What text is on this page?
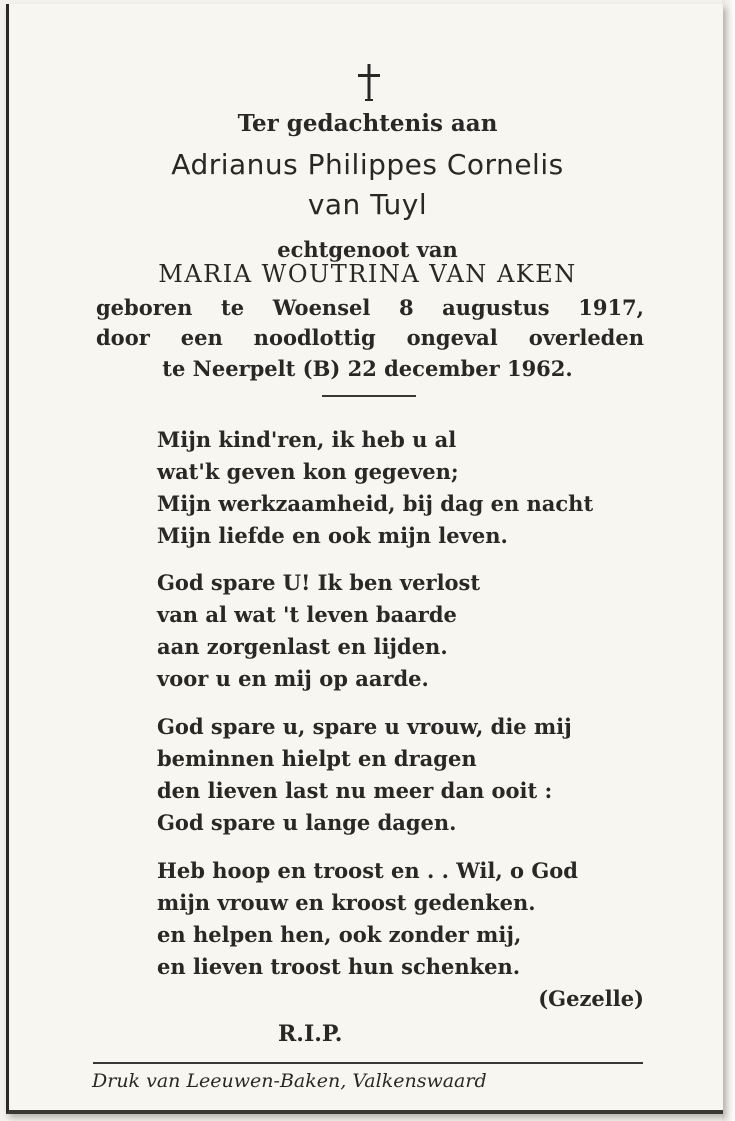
Ter gedachtenis aan
Adrianus Philippes Cornelis
van Tuyl
echtgenoot van
MARIA WOUTRINA VAN AKEN
geboren te Woensel 8 augustus 1917,
door een noodlottig ongeval overleden
te Neerpelt (B) 22 december 1962.
Mijn kind'ren, ik heb u al
wat'k geven kon gegeven;
Mijn werkzaamheid, bij dag en nacht
Mijn liefde en ook mijn leven.
God spare U! Ik ben verlost
van al wat 't leven baarde
aan zorgenlast en lijden.
voor u en mij op aarde.
God spare u, spare u vrouw, die mij
beminnen hielpt en dragen
den lieven last nu meer dan ooit :
God spare u lange dagen.
Heb hoop en troost en . . Wil, o God
mijn vrouw en kroost gedenken.
en helpen hen, ook zonder mij,
en lieven troost hun schenken.
(Gezelle)
R.I.P.
Druk van Leeuwen-Baken, Valkenswaard
